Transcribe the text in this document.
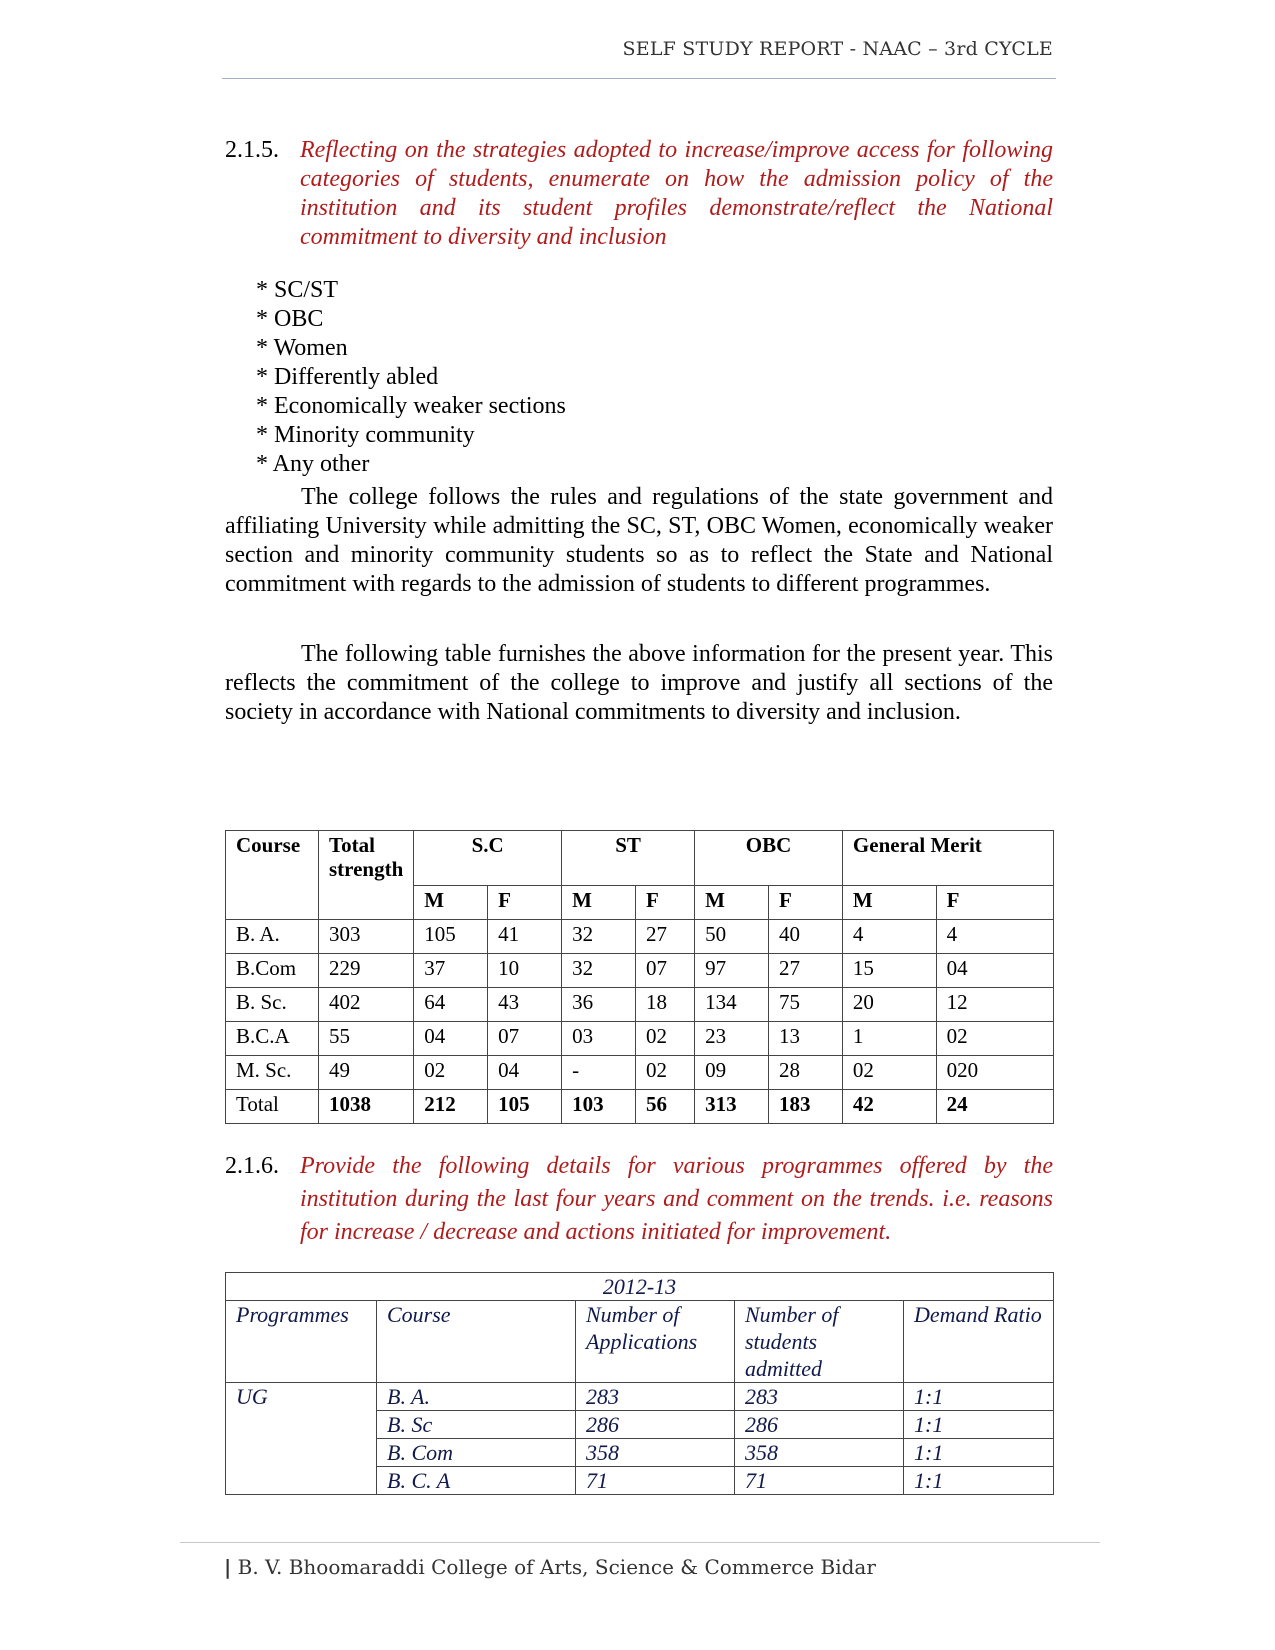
SELF STUDY REPORT - NAAC – 3rd CYCLE
2.1.5. Reflecting on the strategies adopted to increase/improve access for following categories of students, enumerate on how the admission policy of the institution and its student profiles demonstrate/reflect the National commitment to diversity and inclusion
* SC/ST
* OBC
* Women
* Differently abled
* Economically weaker sections
* Minority community
* Any other
The college follows the rules and regulations of the state government and affiliating University while admitting the SC, ST, OBC Women, economically weaker section and minority community students so as to reflect the State and National commitment with regards to the admission of students to different programmes.
The following table furnishes the above information for the present year. This reflects the commitment of the college to improve and justify all sections of the society in accordance with National commitments to diversity and inclusion.
Course	Total strength	S.C		ST		OBC		General Merit	
		M	F	M	F	M	F	M	F
B. A.	303	105	41	32	27	50	40	4	4
B.Com	229	37	10	32	07	97	27	15	04
B. Sc.	402	64	43	36	18	134	75	20	12
B.C.A	55	04	07	03	02	23	13	1	02
M. Sc.	49	02	04	-	02	09	28	02	020
Total	1038	212	105	103	56	313	183	42	24
2.1.6. Provide the following details for various programmes offered by the institution during the last four years and comment on the trends. i.e. reasons for increase / decrease and actions initiated for improvement.
2012-13				
Programmes	Course	Number of Applications	Number of students admitted	Demand Ratio
UG	B. A.	283	283	1:1
	B. Sc	286	286	1:1
	B. Com	358	358	1:1
	B. C. A	71	71	1:1
| B. V. Bhoomaraddi College of Arts, Science & Commerce Bidar
